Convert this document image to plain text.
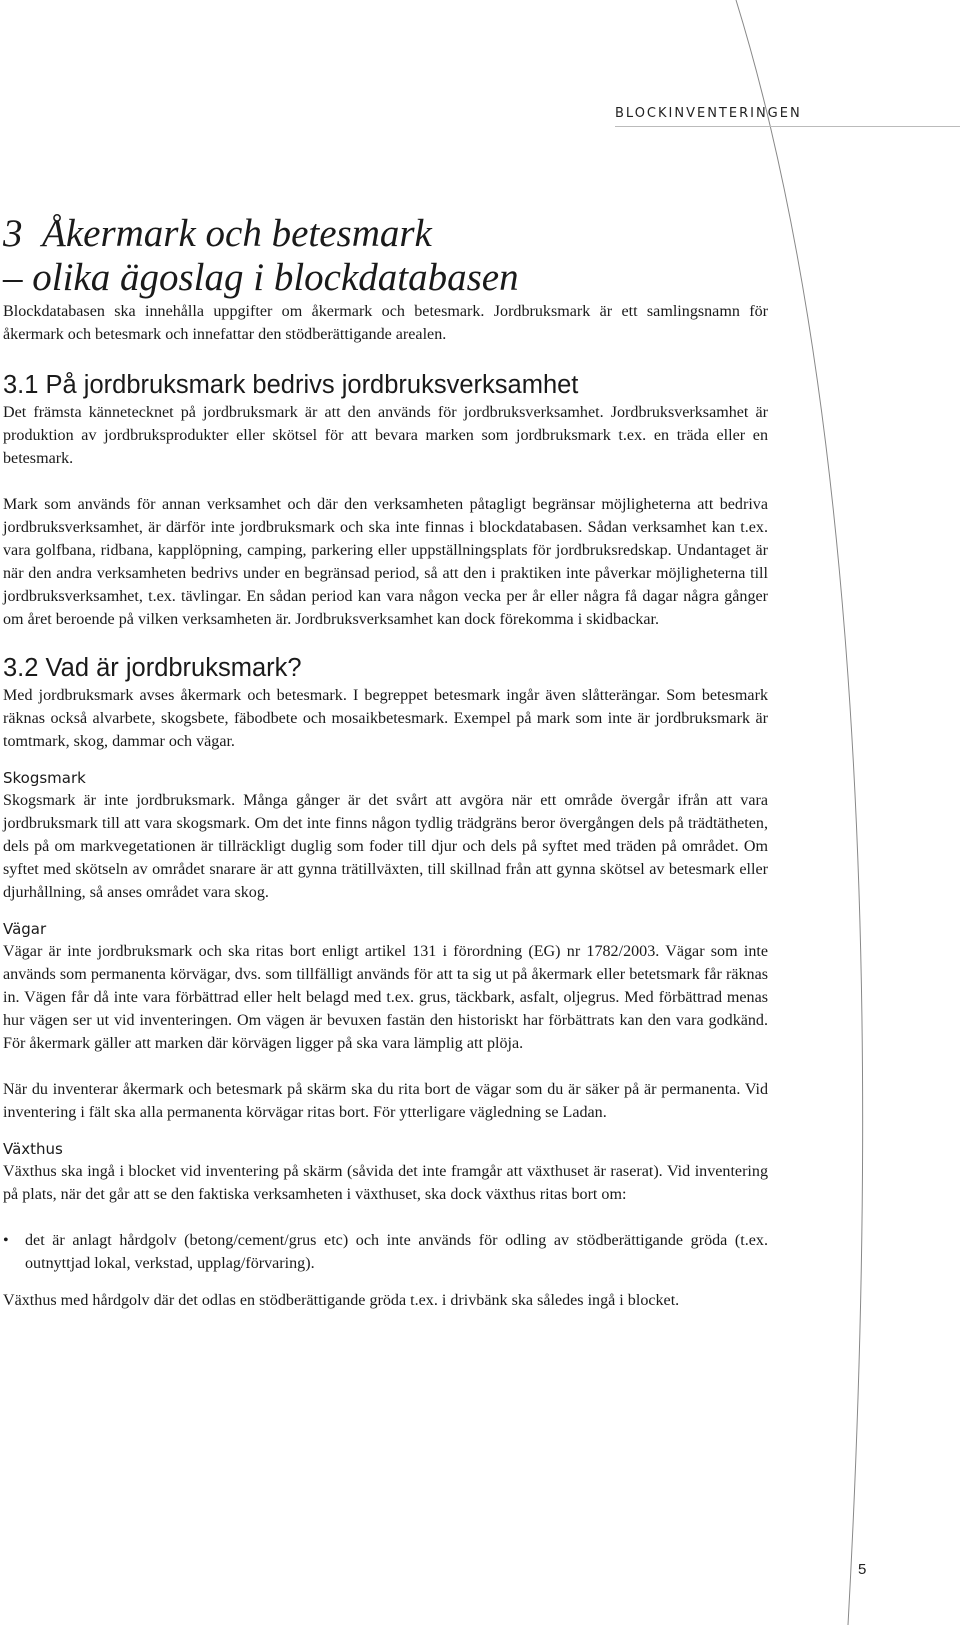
BLOCKINVENTERINGEN
3  Åkermark och betesmark
– olika ägoslag i blockdatabasen

Blockdatabasen ska innehålla uppgifter om åkermark och betesmark. Jordbruksmark är ett samlingsnamn för åkermark och betesmark och innefattar den stödberättigande arealen.

3.1 På jordbruksmark bedrivs jordbruksverksamhet

Det främsta kännetecknet på jordbruksmark är att den används för jordbruksverksamhet. Jordbruksverksamhet är produktion av jordbruksprodukter eller skötsel för att bevara marken som jordbruksmark t.ex. en träda eller en betesmark.

Mark som används för annan verksamhet och där den verksamheten påtagligt begränsar möjligheterna att bedriva jordbruksverksamhet, är därför inte jordbruksmark och ska inte finnas i blockdatabasen. Sådan verksamhet kan t.ex. vara golfbana, ridbana, kapplöpning, camping, parkering eller uppställningsplats för jordbruksredskap. Undantaget är när den andra verksamheten bedrivs under en begränsad period, så att den i praktiken inte påverkar möjligheterna till jordbruksverksamhet, t.ex. tävlingar. En sådan period kan vara någon vecka per år eller några få dagar några gånger om året beroende på vilken verksamheten är. Jordbruksverksamhet kan dock förekomma i skidbackar.

3.2 Vad är jordbruksmark?

Med jordbruksmark avses åkermark och betesmark. I begreppet betesmark ingår även slåtterängar. Som betesmark räknas också alvarbete, skogsbete, fäbodbete och mosaikbetesmark. Exempel på mark som inte är jordbruksmark är tomtmark, skog, dammar och vägar.

Skogsmark

Skogsmark är inte jordbruksmark. Många gånger är det svårt att avgöra när ett område övergår ifrån att vara jordbruksmark till att vara skogsmark. Om det inte finns någon tydlig trädgräns beror övergången dels på trädtätheten, dels på om markvegetationen är tillräckligt duglig som foder till djur och dels på syftet med träden på området. Om syftet med skötseln av området snarare är att gynna trätillväxten, till skillnad från att gynna skötsel av betesmark eller djurhållning, så anses området vara skog.

Vägar

Vägar är inte jordbruksmark och ska ritas bort enligt artikel 131 i förordning (EG) nr 1782/2003. Vägar som inte används som permanenta körvägar, dvs. som tillfälligt används för att ta sig ut på åkermark eller betetsmark får räknas in. Vägen får då inte vara förbättrad eller helt belagd med t.ex. grus, täckbark, asfalt, oljegrus. Med förbättrad menas hur vägen ser ut vid inventeringen. Om vägen är bevuxen fastän den historiskt har förbättrats kan den vara godkänd. För åkermark gäller att marken där körvägen ligger på ska vara lämplig att plöja.

När du inventerar åkermark och betesmark på skärm ska du rita bort de vägar som du är säker på är permanenta. Vid inventering i fält ska alla permanenta körvägar ritas bort. För ytterligare vägledning se Ladan.

Växthus

Växthus ska ingå i blocket vid inventering på skärm (såvida det inte framgår att växthuset är raserat). Vid inventering på plats, när det går att se den faktiska verksamheten i växthuset, ska dock växthus ritas bort om:

• det är anlagt hårdgolv (betong/cement/grus etc) och inte används för odling av stödberättigande gröda (t.ex. outnyttjad lokal, verkstad, upplag/förvaring).

Växthus med hårdgolv där det odlas en stödberättigande gröda t.ex. i drivbänk ska således ingå i blocket.

5
